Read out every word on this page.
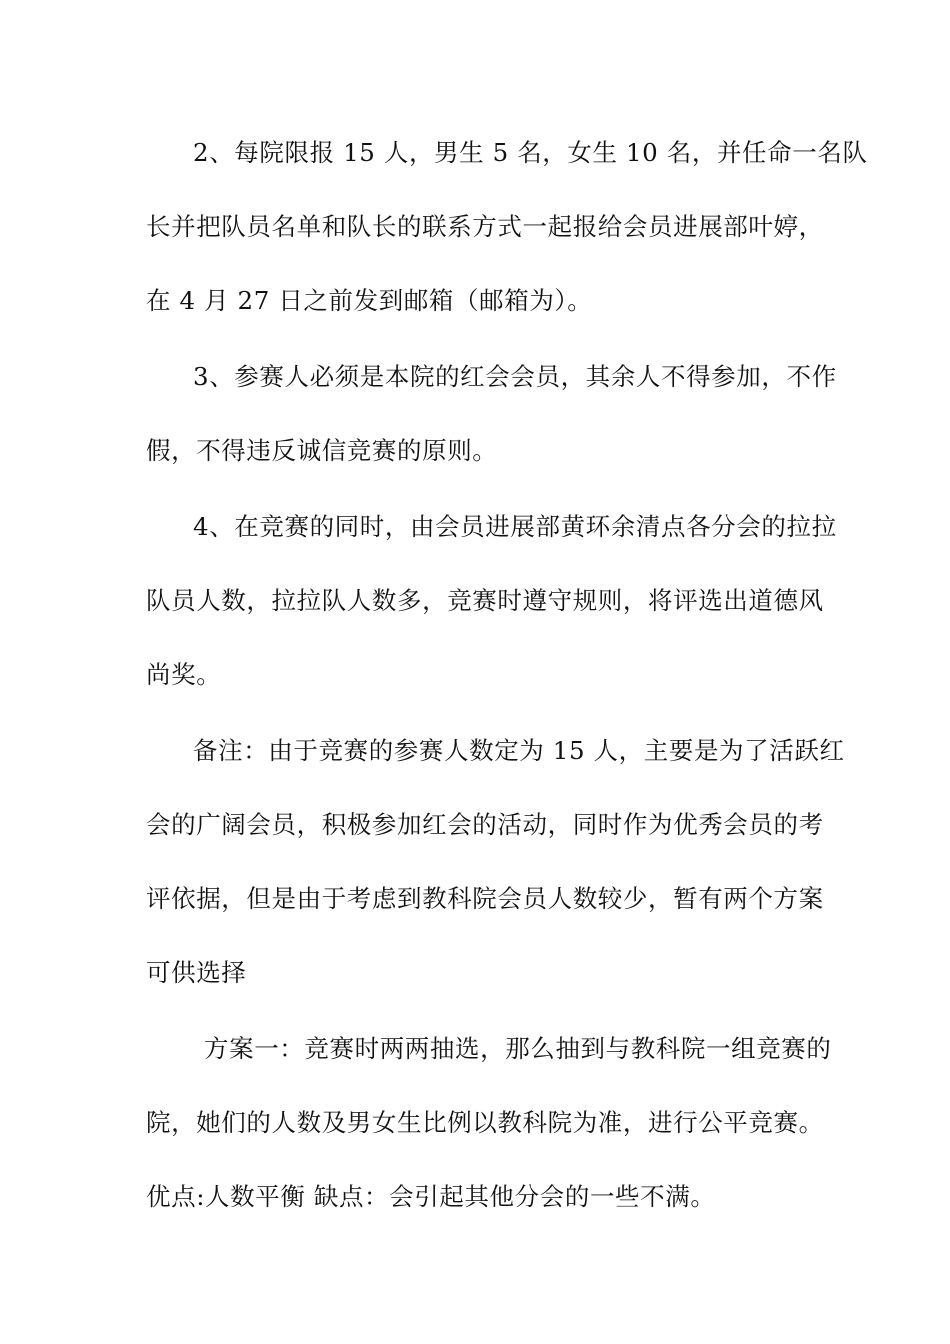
2、每院限报 15 人，男生 5 名，女生 10 名，并任命一名队
长并把队员名单和队长的联系方式一起报给会员进展部叶婷，
在 4 月 27 日之前发到邮箱（邮箱为）。
3、参赛人必须是本院的红会会员，其余人不得参加，不作
假，不得违反诚信竞赛的原则。
4、在竞赛的同时，由会员进展部黄环余清点各分会的拉拉
队员人数，拉拉队人数多，竞赛时遵守规则，将评选出道德风
尚奖。
备注：由于竞赛的参赛人数定为 15 人，主要是为了活跃红
会的广阔会员，积极参加红会的活动，同时作为优秀会员的考
评依据，但是由于考虑到教科院会员人数较少，暂有两个方案
可供选择
方案一：竞赛时两两抽选，那么抽到与教科院一组竞赛的
院，她们的人数及男女生比例以教科院为准，进行公平竞赛。
优点:人数平衡 缺点：会引起其他分会的一些不满。
